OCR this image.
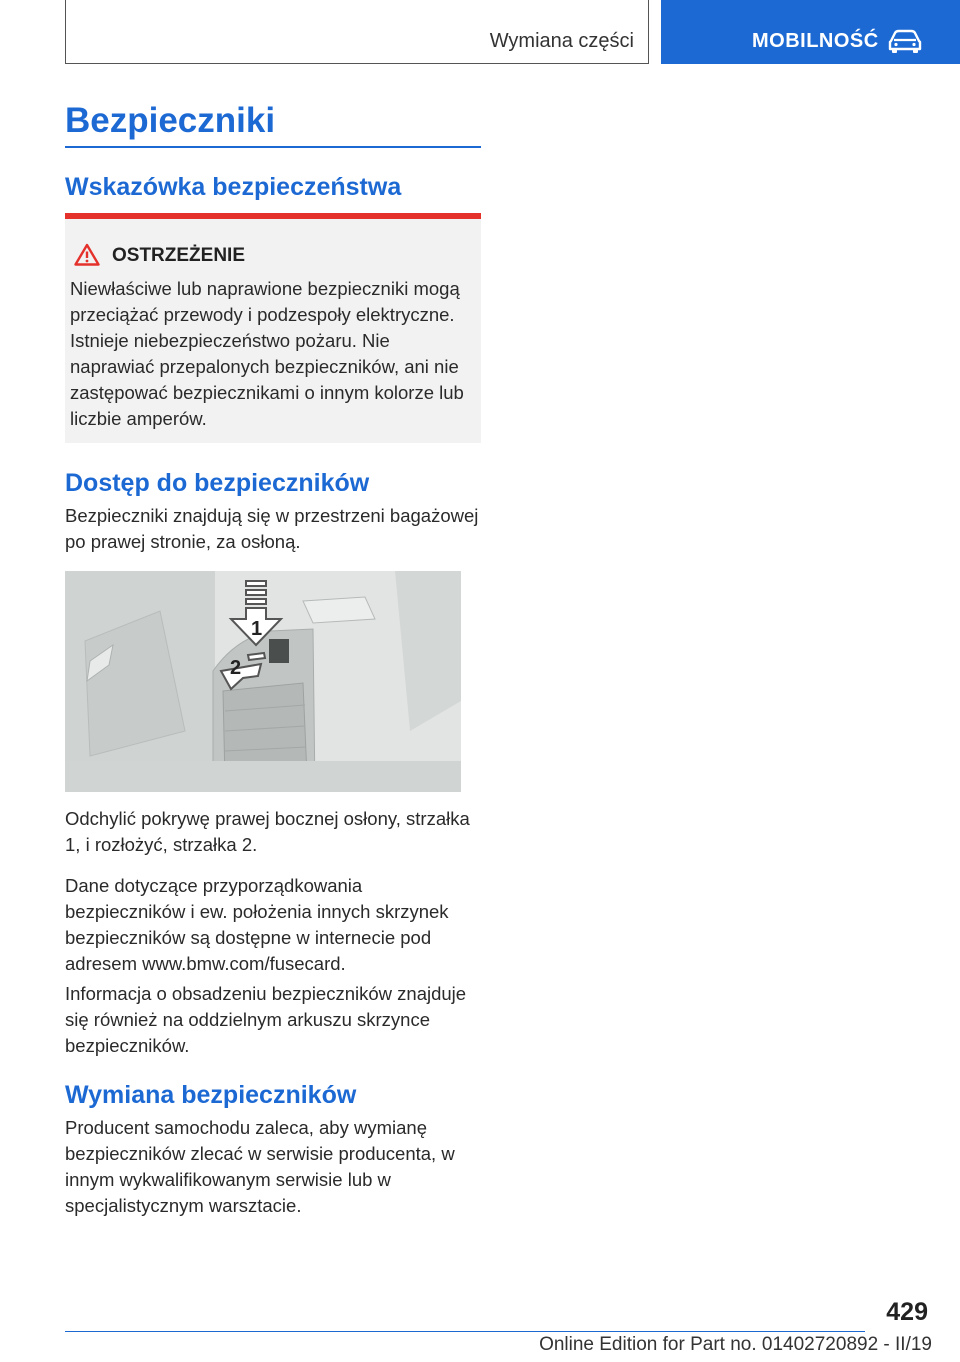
Wymiana części	MOBILNOŚĆ
Bezpieczniki
Wskazówka bezpieczeństwa
OSTRZEŻENIE
Niewłaściwe lub naprawione bezpieczniki mogą przeciążać przewody i podzespoły elektryczne. Istnieje niebezpieczeństwo pożaru. Nie naprawiać przepalonych bezpieczników, ani nie zastępować bezpiecznikami o innym kolorze lub liczbie amperów.
Dostęp do bezpieczników
Bezpieczniki znajdują się w przestrzeni bagażowej po prawej stronie, za osłoną.
1
2
Odchylić pokrywę prawej bocznej osłony, strzałka 1, i rozłożyć, strzałka 2.
Dane dotyczące przyporządkowania bezpieczników i ew. położenia innych skrzynek bezpieczników są dostępne w internecie pod adresem www.bmw.com/fusecard.
Informacja o obsadzeniu bezpieczników znajduje się również na oddzielnym arkuszu skrzynce bezpieczników.
Wymiana bezpieczników
Producent samochodu zaleca, aby wymianę bezpieczników zlecać w serwisie producenta, w innym wykwalifikowanym serwisie lub w specjalistycznym warsztacie.
429
Online Edition for Part no. 01402720892 - II/19
